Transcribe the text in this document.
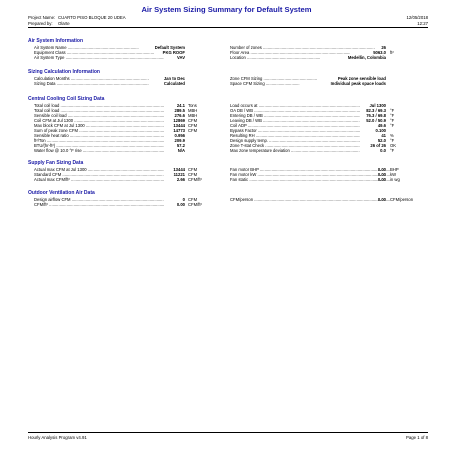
Air System Sizing Summary for Default System
Project Name: CUARTO PISO BLOQUE 20 UDEA
Prepared by: Olarte
12/05/2018
12:27
Air System Information
Air System Name .....	Default System
Equipment Class .....	PKG ROOF
Air System Type .....	VAV
Number of zones .....	26
Floor Area .....	5063.0 ft²
Location .....	Medellin, Colombia
Sizing Calculation Information
Calculation Months .....	Jan to Dec
Sizing Data .....	Calculated
Zone CFM Sizing .....	Peak zone sensible load
Space CFM Sizing .....	Individual peak space loads
Central Cooling Coil Sizing Data
Total coil load .....	24.1 Tons
Total coil load .....	289.5 MBH
Sensible coil load .....	276.6 MBH
Coil CFM at Jul 1300 .....	12869 CFM
Max block CFM at Jul 1300 .....	13444 CFM
Sum of peak zone CFM .....	14773 CFM
Sensible heat ratio .....	0.956
ft²/Ton .....	209.9
BTU/(hr-ft²) .....	57.2
Water flow @ 10.0 °F rise .....	N/A
Load occurs at .....	Jul 1300
OA DB / WB .....	82.3 / 69.3 °F
Entering DB / WB .....	76.3 / 69.8 °F
Leaving DB / WB .....	52.0 / 50.9 °F
Coil ADP .....	49.6 °F
Bypass Factor .....	0.100
Resulting RH .....	41 %
Design supply temp. .....	52.0 °F
Zone T-stat Check .....	26 of 26 OK
Max zone temperature deviation .....	0.0 °F
Supply Fan Sizing Data
Actual max CFM at Jul 1300 .....	13444 CFM
Standard CFM .....	11221 CFM
Actual max CFM/ft² .....	2.66 CFM/ft²
Fan motor BHP .....	0.00 BHP
Fan motor kW .....	0.00 kW
Fan static .....	0.00 in wg
Outdoor Ventilation Air Data
Design airflow CFM .....	0 CFM
CFM/ft² .....	0.00 CFM/ft²
CFM/person .....	0.00 CFM/person
Hourly Analysis Program v4.91	Page 1 of 8
